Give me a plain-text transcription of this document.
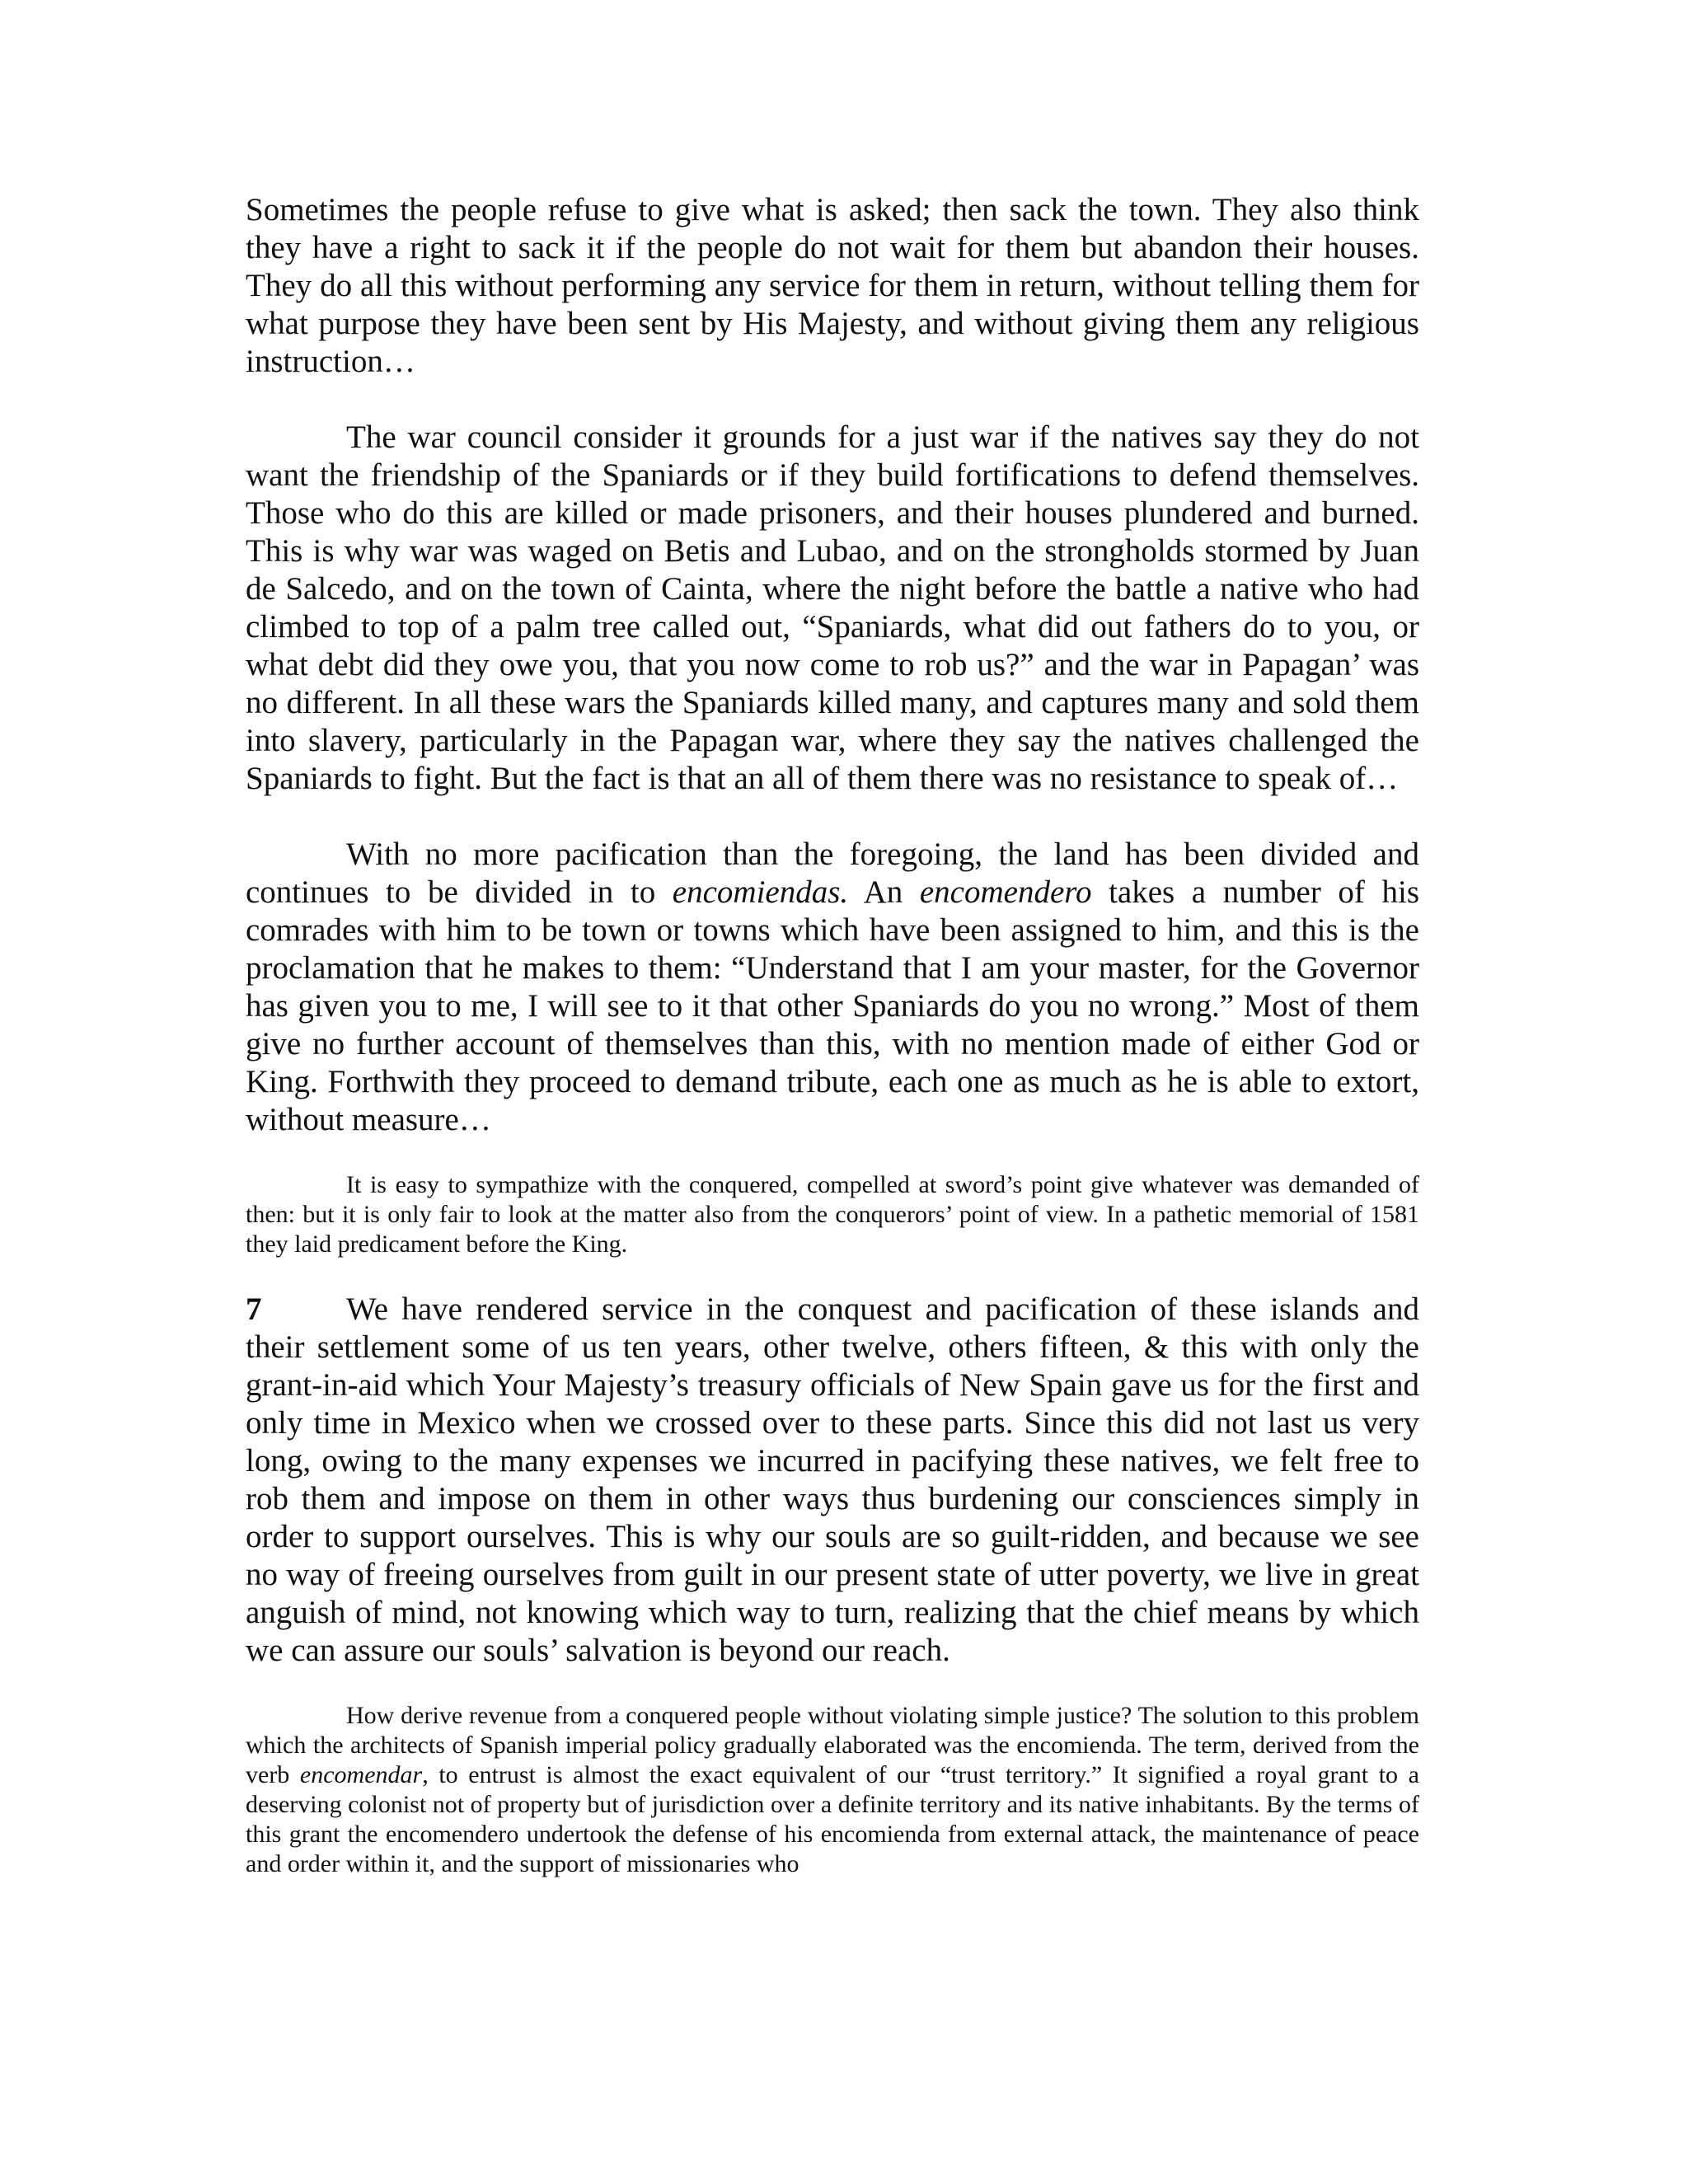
Sometimes the people refuse to give what is asked; then sack the town. They also think they have a right to sack it if the people do not wait for them but abandon their houses. They do all this without performing any service for them in return, without telling them for what purpose they have been sent by His Majesty, and without giving them any religious instruction…

The war council consider it grounds for a just war if the natives say they do not want the friendship of the Spaniards or if they build fortifications to defend themselves. Those who do this are killed or made prisoners, and their houses plundered and burned. This is why war was waged on Betis and Lubao, and on the strongholds stormed by Juan de Salcedo, and on the town of Cainta, where the night before the battle a native who had climbed to top of a palm tree called out, “Spaniards, what did out fathers do to you, or what debt did they owe you, that you now come to rob us?” and the war in Papagan’ was no different. In all these wars the Spaniards killed many, and captures many and sold them into slavery, particularly in the Papagan war, where they say the natives challenged the Spaniards to fight. But the fact is that an all of them there was no resistance to speak of…

With no more pacification than the foregoing, the land has been divided and continues to be divided in to encomiendas. An encomendero takes a number of his comrades with him to be town or towns which have been assigned to him, and this is the proclamation that he makes to them: “Understand that I am your master, for the Governor has given you to me, I will see to it that other Spaniards do you no wrong.” Most of them give no further account of themselves than this, with no mention made of either God or King. Forthwith they proceed to demand tribute, each one as much as he is able to extort, without measure…

It is easy to sympathize with the conquered, compelled at sword’s point give whatever was demanded of then: but it is only fair to look at the matter also from the conquerors’ point of view. In a pathetic memorial of 1581 they laid predicament before the King.

7	We have rendered service in the conquest and pacification of these islands and their settlement some of us ten years, other twelve, others fifteen, & this with only the grant-in-aid which Your Majesty’s treasury officials of New Spain gave us for the first and only time in Mexico when we crossed over to these parts. Since this did not last us very long, owing to the many expenses we incurred in pacifying these natives, we felt free to rob them and impose on them in other ways thus burdening our consciences simply in order to support ourselves. This is why our souls are so guilt-ridden, and because we see no way of freeing ourselves from guilt in our present state of utter poverty, we live in great anguish of mind, not knowing which way to turn, realizing that the chief means by which we can assure our souls’ salvation is beyond our reach.

How derive revenue from a conquered people without violating simple justice? The solution to this problem which the architects of Spanish imperial policy gradually elaborated was the encomienda. The term, derived from the verb encomendar, to entrust is almost the exact equivalent of our “trust territory.” It signified a royal grant to a deserving colonist not of property but of jurisdiction over a definite territory and its native inhabitants. By the terms of this grant the encomendero undertook the defense of his encomienda from external attack, the maintenance of peace and order within it, and the support of missionaries who
